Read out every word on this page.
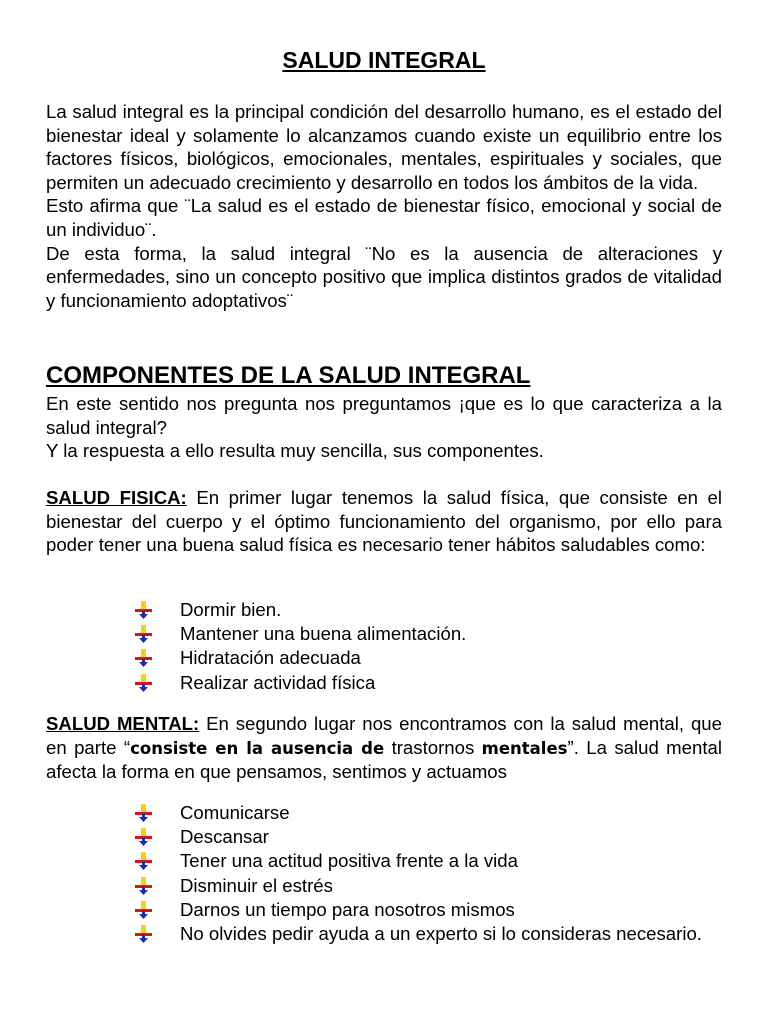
SALUD INTEGRAL
La salud integral es la principal condición del desarrollo humano, es el estado del bienestar ideal y solamente lo alcanzamos cuando existe un equilibrio entre los factores físicos, biológicos, emocionales, mentales, espirituales y sociales, que permiten un adecuado crecimiento y desarrollo en todos los ámbitos de la vida.
Esto afirma que ¨La salud es el estado de bienestar físico, emocional y social de un individuo¨.
De esta forma, la salud integral ¨No es la ausencia de alteraciones y enfermedades, sino un concepto positivo que implica distintos grados de vitalidad y funcionamiento adoptativos¨
COMPONENTES DE LA SALUD INTEGRAL
En este sentido nos pregunta nos preguntamos ¡que es lo que caracteriza a la salud integral?
Y la respuesta a ello resulta muy sencilla, sus componentes.

SALUD FISICA: En primer lugar tenemos la salud física, que consiste en el bienestar del cuerpo y el óptimo funcionamiento del organismo, por ello para poder tener una buena salud física es necesario tener hábitos saludables como:

Dormir bien.
Mantener una buena alimentación.
Hidratación adecuada
Realizar actividad física

SALUD MENTAL: En segundo lugar nos encontramos con la salud mental, que en parte “consiste en la ausencia de trastornos mentales”. La salud mental afecta la forma en que pensamos, sentimos y actuamos

Comunicarse
Descansar
Tener una actitud positiva frente a la vida
Disminuir el estrés
Darnos un tiempo para nosotros mismos
No olvides pedir ayuda a un experto si lo consideras necesario.
